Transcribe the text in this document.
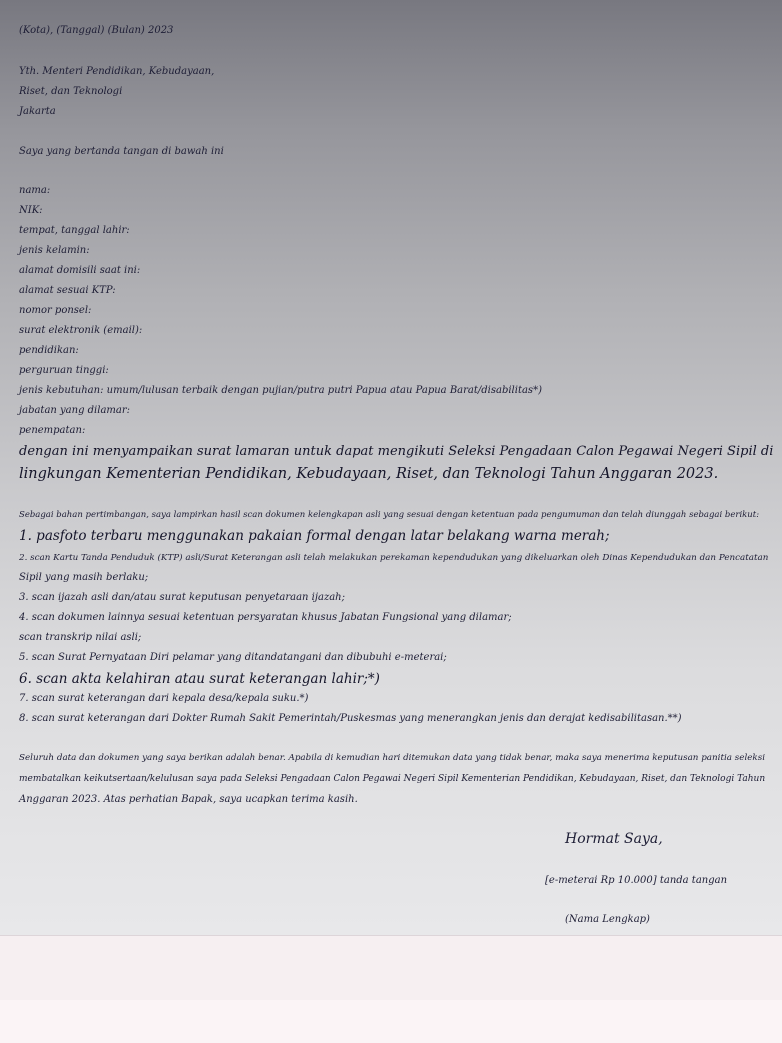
(Kota), (Tanggal) (Bulan) 2023
Yth. Menteri Pendidikan, Kebudayaan,
Riset, dan Teknologi
Jakarta
Saya yang bertanda tangan di bawah ini
nama:
NIK:
tempat, tanggal lahir:
jenis kelamin:
alamat domisili saat ini:
alamat sesuai KTP:
nomor ponsel:
surat elektronik (email):
pendidikan:
perguruan tinggi:
jenis kebutuhan: umum/lulusan terbaik dengan pujian/putra putri Papua atau Papua Barat/disabilitas*)
jabatan yang dilamar:
penempatan:
dengan ini menyampaikan surat lamaran untuk dapat mengikuti Seleksi Pengadaan Calon Pegawai Negeri Sipil di
lingkungan Kementerian Pendidikan, Kebudayaan, Riset, dan Teknologi Tahun Anggaran 2023.
Sebagai bahan pertimbangan, saya lampirkan hasil scan dokumen kelengkapan asli yang sesuai dengan ketentuan pada pengumuman dan telah diunggah sebagai berikut:
1. pasfoto terbaru menggunakan pakaian formal dengan latar belakang warna merah;
2. scan Kartu Tanda Penduduk (KTP) asli/Surat Keterangan asli telah melakukan perekaman kependudukan yang dikeluarkan oleh Dinas Kependudukan dan Pencatatan
Sipil yang masih berlaku;
3. scan ijazah asli dan/atau surat keputusan penyetaraan ijazah;
4. scan dokumen lainnya sesuai ketentuan persyaratan khusus Jabatan Fungsional yang dilamar;
scan transkrip nilai asli;
5. scan Surat Pernyataan Diri pelamar yang ditandatangani dan dibubuhi e-meterai;
6. scan akta kelahiran atau surat keterangan lahir;*)
7. scan surat keterangan dari kepala desa/kepala suku.*)
8. scan surat keterangan dari Dokter Rumah Sakit Pemerintah/Puskesmas yang menerangkan jenis dan derajat kedisabilitasan.**)
Seluruh data dan dokumen yang saya berikan adalah benar. Apabila di kemudian hari ditemukan data yang tidak benar, maka saya menerima keputusan panitia seleksi
membatalkan keikutsertaan/kelulusan saya pada Seleksi Pengadaan Calon Pegawai Negeri Sipil Kementerian Pendidikan, Kebudayaan, Riset, dan Teknologi Tahun
Anggaran 2023. Atas perhatian Bapak, saya ucapkan terima kasih.
Hormat Saya,
[e-meterai Rp 10.000] tanda tangan
(Nama Lengkap)
